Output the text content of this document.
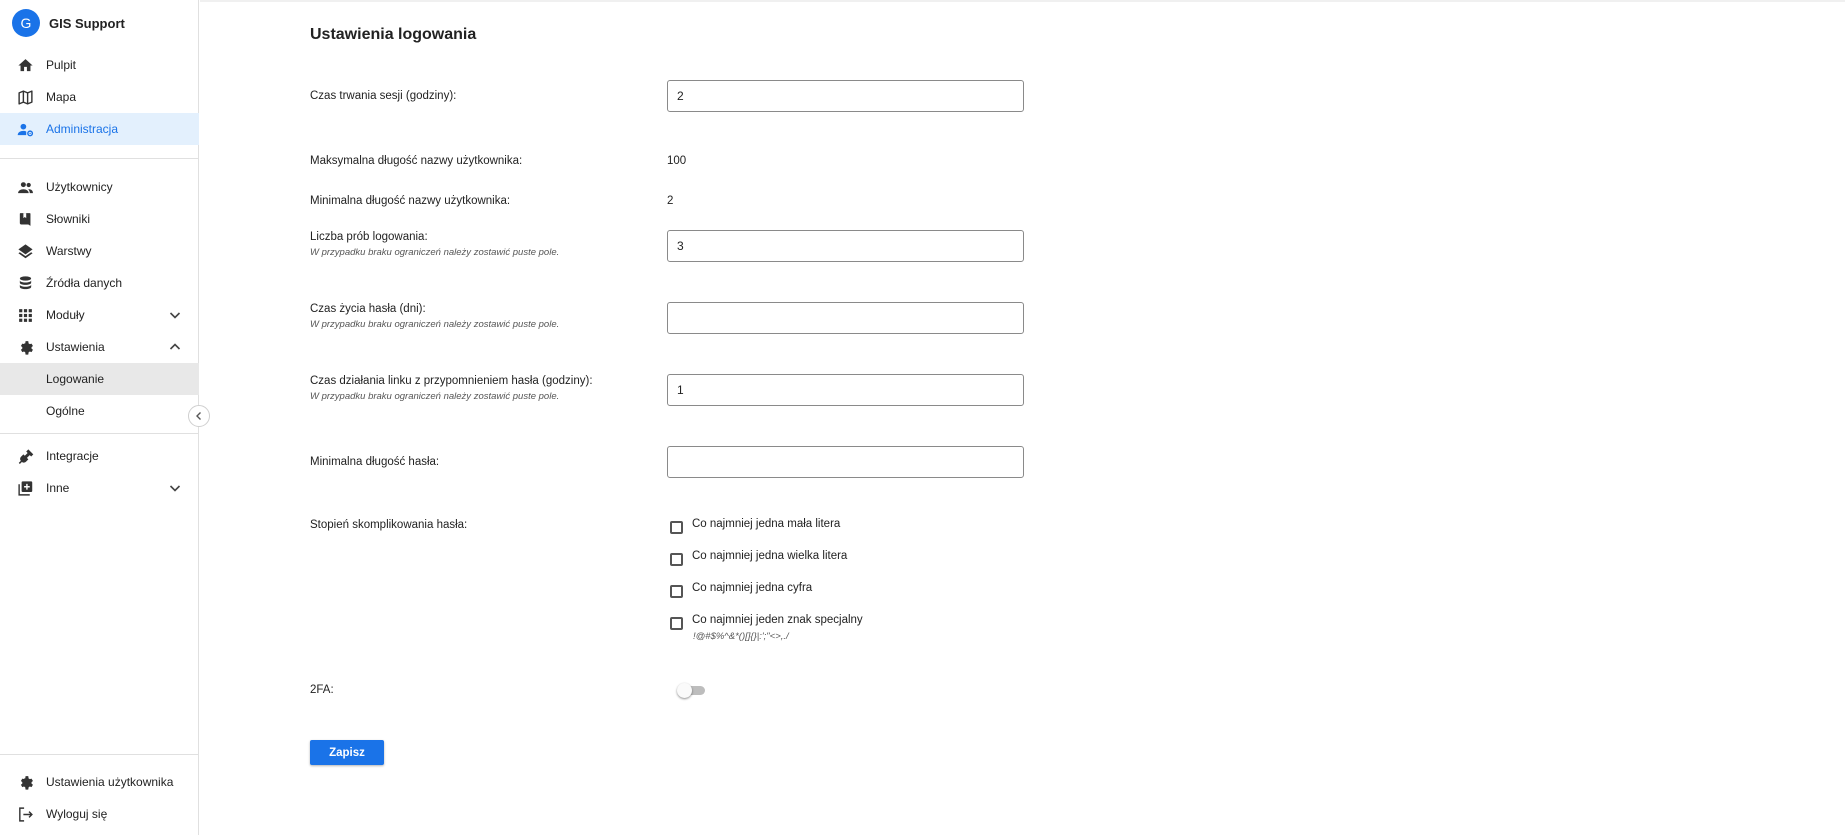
G	GIS Support
Pulpit
Mapa
Administracja
Użytkownicy
Słowniki
Warstwy
Źródła danych
Moduły
Ustawienia
Logowanie
Ogólne
Integracje
Inne
Ustawienia użytkownika
Wyloguj się
Ustawienia logowania
Czas trwania sesji (godziny):
2
Maksymalna długość nazwy użytkownika:	100
Minimalna długość nazwy użytkownika:	2
Liczba prób logowania:
W przypadku braku ograniczeń należy zostawić puste pole.
3
Czas życia hasła (dni):
W przypadku braku ograniczeń należy zostawić puste pole.
Czas działania linku z przypomnieniem hasła (godziny):
W przypadku braku ograniczeń należy zostawić puste pole.
1
Minimalna długość hasła:
Stopień skomplikowania hasła:	Co najmniej jedna mała litera
Co najmniej jedna wielka litera
Co najmniej jedna cyfra
Co najmniej jeden znak specjalny
!@#$%^&*()[]{}|:';"<>,./
2FA:
Zapisz
